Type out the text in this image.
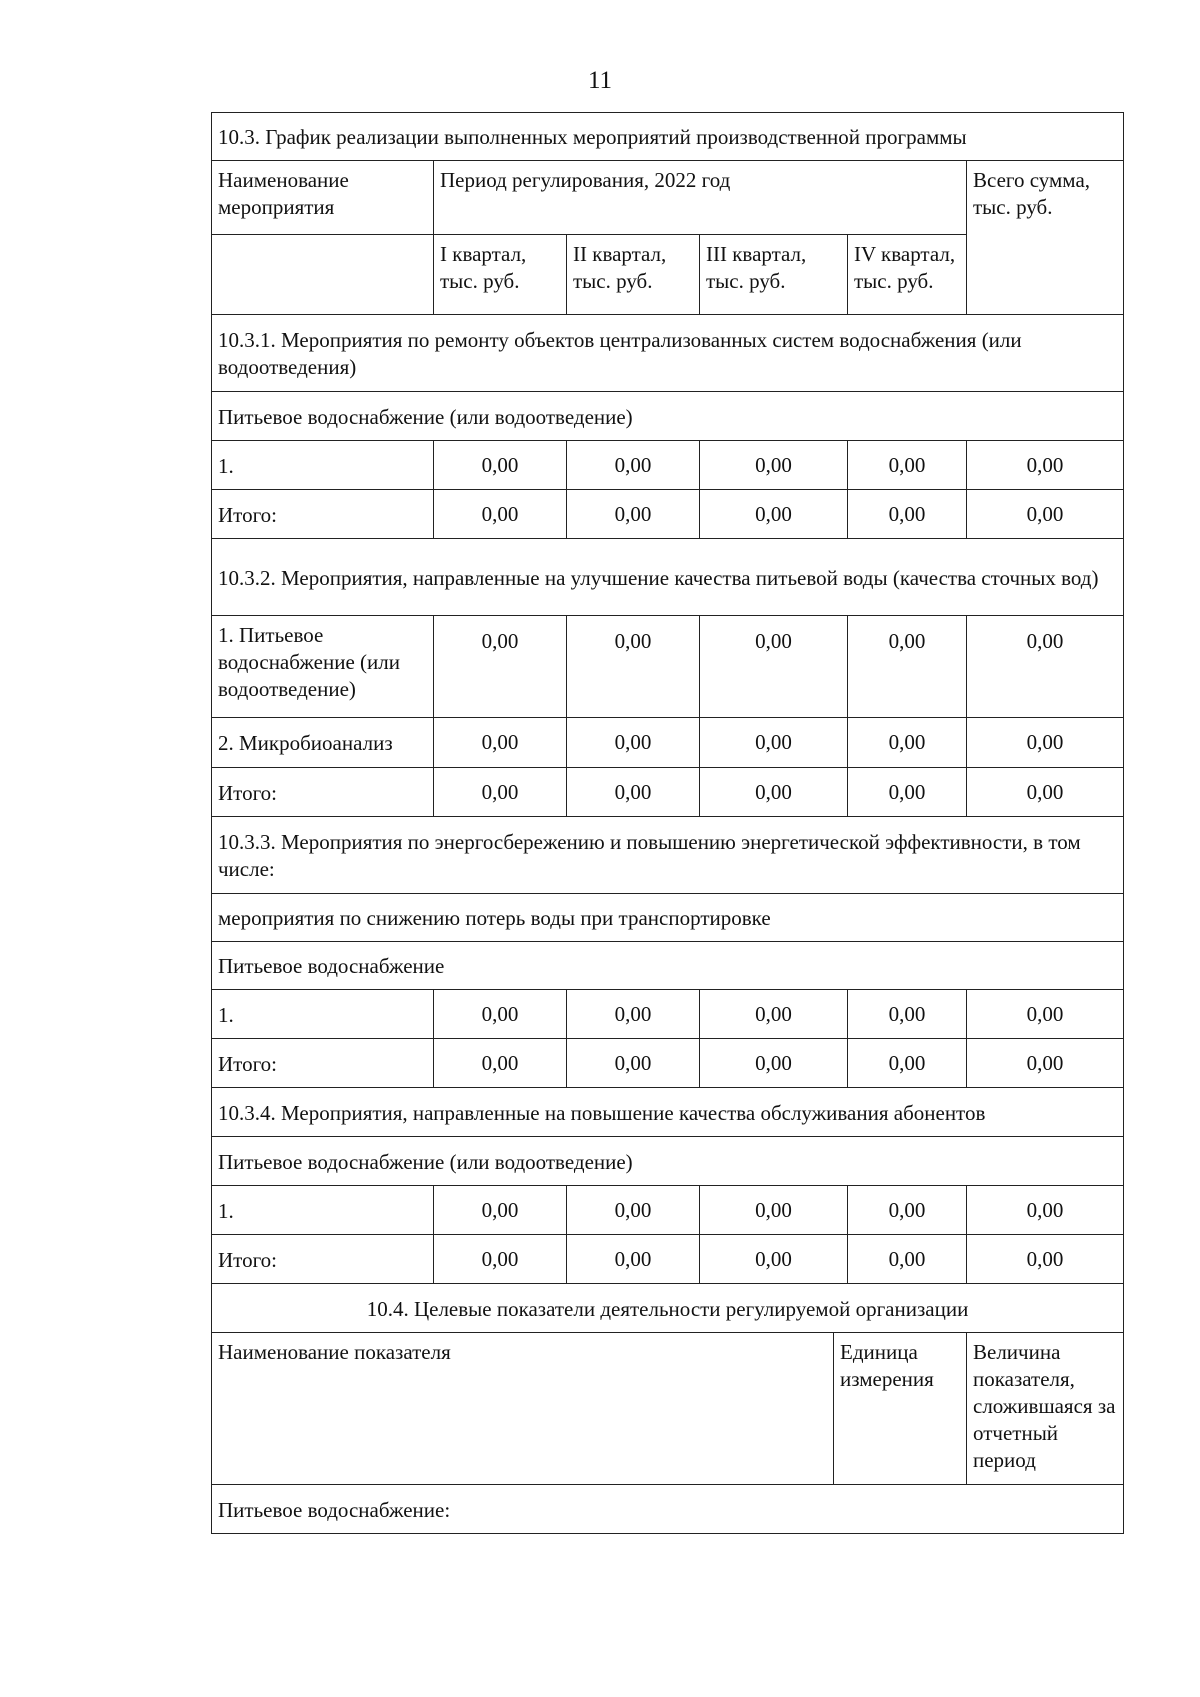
11
10.3. График реализации выполненных мероприятий производственной программы						
Наименование мероприятия	Период регулирования, 2022 год					Всего сумма, тыс. руб.
	I квартал, тыс. руб.	II квартал, тыс. руб.	III квартал, тыс. руб.		IV квартал, тыс. руб.	
10.3.1. Мероприятия по ремонту объектов централизованных систем водоснабжения (или водоотведения)						
Питьевое водоснабжение (или водоотведение)						
1.	0,00	0,00	0,00		0,00	0,00
Итого:	0,00	0,00	0,00		0,00	0,00
10.3.2. Мероприятия, направленные на улучшение качества питьевой воды (качества сточных вод)						
1. Питьевое водоснабжение (или водоотведение)	0,00	0,00	0,00		0,00	0,00
2. Микробиоанализ	0,00	0,00	0,00		0,00	0,00
Итого:	0,00	0,00	0,00		0,00	0,00
10.3.3. Мероприятия по энергосбережению и повышению энергетической эффективности, в том числе:						
мероприятия по снижению потерь воды при транспортировке						
Питьевое водоснабжение						
1.	0,00	0,00	0,00		0,00	0,00
Итого:	0,00	0,00	0,00		0,00	0,00
10.3.4. Мероприятия, направленные на повышение качества обслуживания абонентов						
Питьевое водоснабжение (или водоотведение)						
1.	0,00	0,00	0,00		0,00	0,00
Итого:	0,00	0,00	0,00		0,00	0,00
10.4. Целевые показатели деятельности регулируемой организации						
Наименование показателя				Единица измерения		Величина показателя, сложившаяся за отчетный период
Питьевое водоснабжение:						
